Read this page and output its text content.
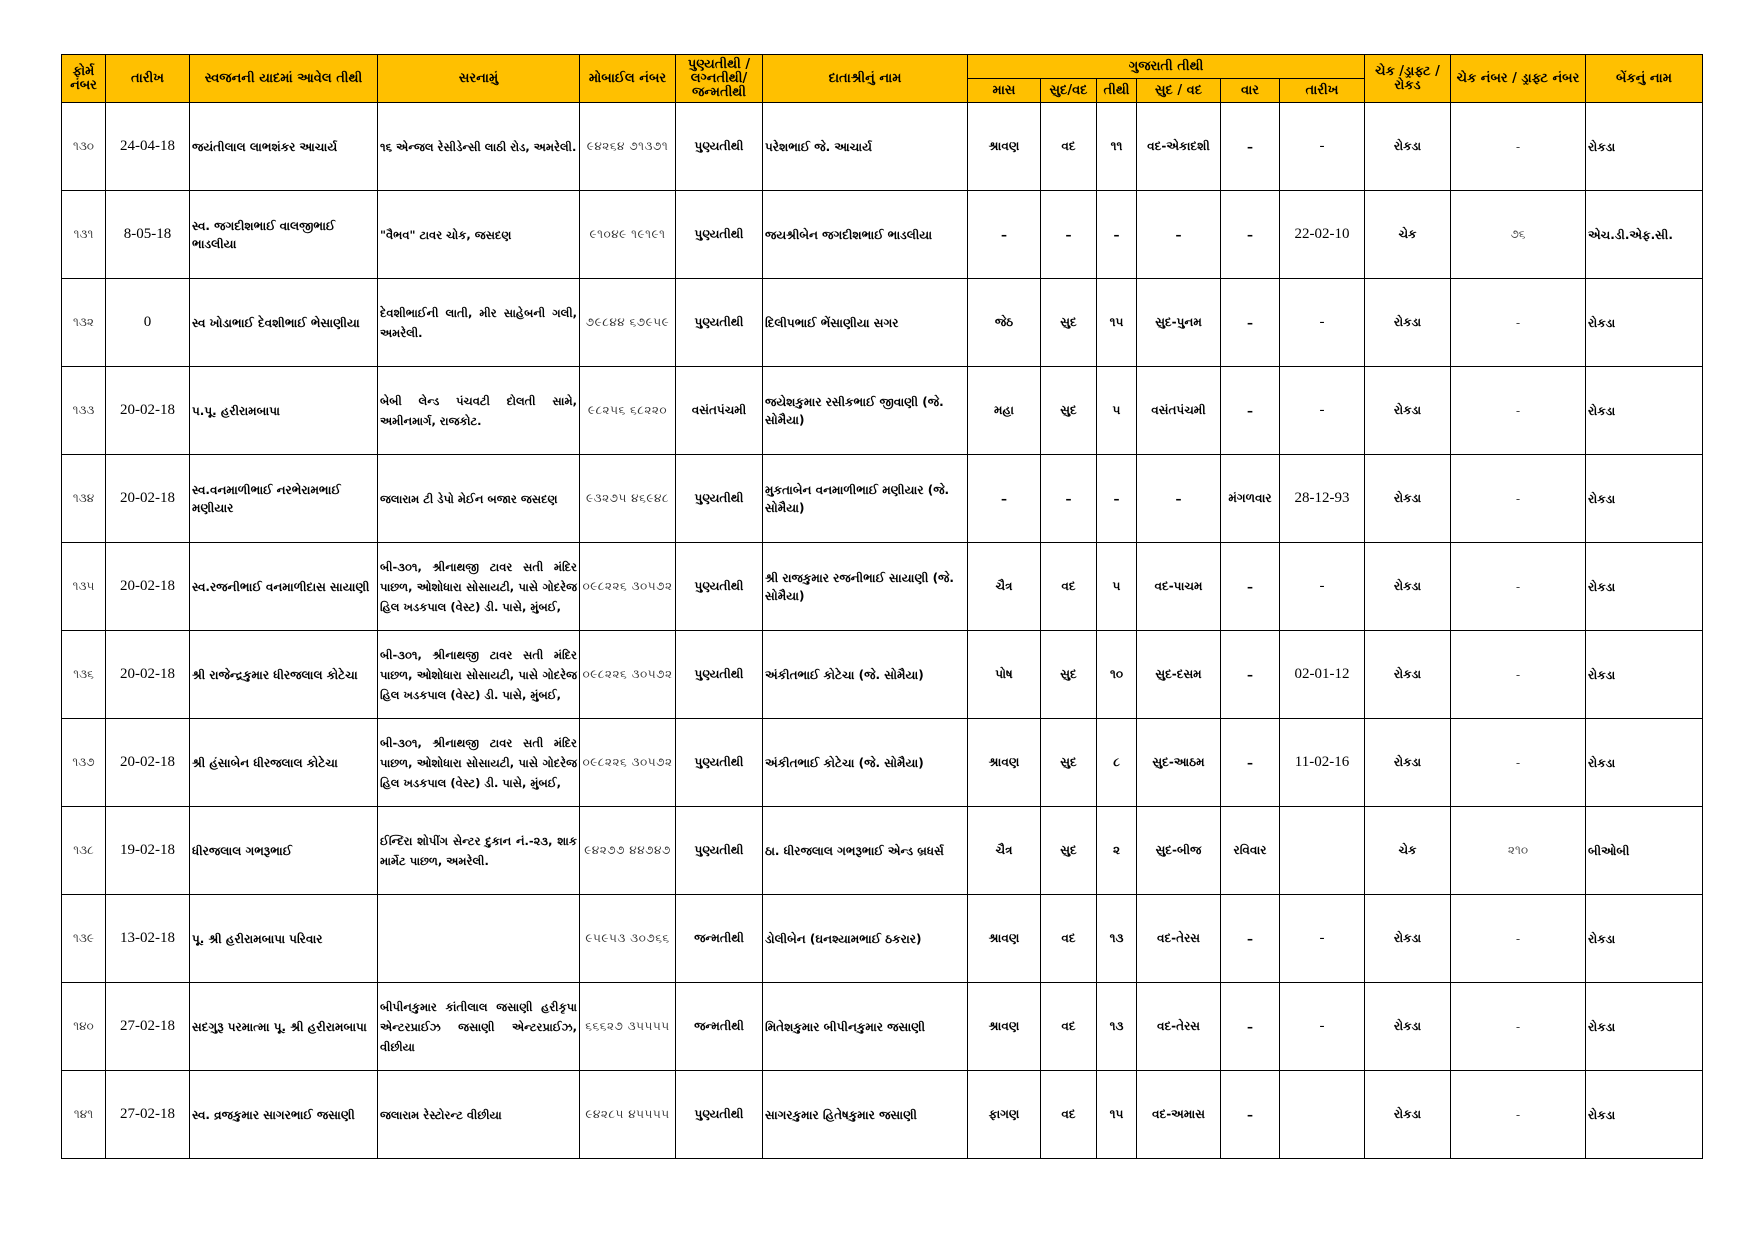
ફોર્મ નંબર	તારીખ	સ્વજનની યાદમાં આવેલ તીથી	સરનામું	મોબાઈલ નંબર	પુણ્યતીથી / લગ્નતીથી/ જન્મતીથી	દાતાશ્રીનું નામ	ગુજરાતી તીથી						ચેક /ડ્રાફ્ટ / રોકડ	ચેક નંબર / ડ્રાફ્ટ નંબર	બેંકનું નામ
							માસ	સુદ/વદ	તીથી	સુદ / વદ	વાર	તારીખ			
૧૩૦	24-04-18	જયંતીલાલ લાભશંકર આચાર્ય	૧૬ એન્જલ રેસીડેન્સી લાઠી રોડ, અમરેલી.	૯૪૨૬૪ ૭૧૩૭૧	પુણ્યતીથી	પરેશભાઈ જે. આચાર્ય	શ્રાવણ	વદ	૧૧	વદ-એકાદશી	–	-	રોકડા	-	રોકડા
૧૩૧	8-05-18	સ્વ. જગદીશભાઈ વાલજીભાઈ ભાડલીયા	"વૈભવ" ટાવર ચોક, જસદણ	૯૧૦૪૯ ૧૯૧૯૧	પુણ્યતીથી	જયશ્રીબેન જગદીશભાઈ ભાડલીયા	–	–	–	–	–	22-02-10	ચેક	૭૬	એચ.ડી.એફ.સી.
૧૩૨	0	સ્વ ખોડાભાઈ દેવશીભાઈ ભેસાણીયા	દેવશીભાઈની લાતી, મીર સાહેબની ગલી, અમરેલી.	૭૯૮૪૪ ૬૭૯૫૯	પુણ્યતીથી	દિલીપભાઈ ભેંસાણીયા સગર	જેઠ	સુદ	૧૫	સુદ-પુનમ	–	-	રોકડા	-	રોકડા
૧૩૩	20-02-18	પ.પૂ. હરીરામબાપા	બેબી લેન્ડ પંચવટી દોલતી સામે, અમીનમાર્ગ, રાજકોટ.	૯૮૨૫૬ ૬૮૨૨૦	વસંતપંચમી	જયેશકુમાર રસીકભાઈ જીવાણી (જે. સોમૈયા)	મહા	સુદ	૫	વસંતપંચમી	–	-	રોકડા	-	રોકડા
૧૩૪	20-02-18	સ્વ.વનમાળીભાઈ નરભેરામભાઈ મણીયાર	જલારામ ટી ડેપો મેઈન બજાર જસદણ	૯૩૨૭૫ ૪૬૯૪૮	પુણ્યતીથી	મુકતાબેન વનમાળીભાઈ મણીયાર (જે. સોમૈયા)	–	–	–	–	મંગળવાર	28-12-93	રોકડા	-	રોકડા
૧૩૫	20-02-18	સ્વ.રજનીભાઈ વનમાળીદાસ સાયાણી	બી-૩૦૧, શ્રીનાથજી ટાવર સતી મંદિર પાછળ, ઓશોધારા સોસાયટી, પાસે ગોદરેજ હિલ ખડકપાલ (વેસ્ટ) ડી. પાસે, મુંબઈ,	૦૯૮૨૨૬ ૩૦૫૭૨	પુણ્યતીથી	શ્રી રાજકુમાર રજનીભાઈ સાયાણી (જે. સોમૈયા)	ચૈત્ર	વદ	૫	વદ-પાચમ	–	-	રોકડા	-	રોકડા
૧૩૬	20-02-18	શ્રી રાજેન્દ્રકુમાર ધીરજલાલ કોટેચા	બી-૩૦૧, શ્રીનાથજી ટાવર સતી મંદિર પાછળ, ઓશોધારા સોસાયટી, પાસે ગોદરેજ હિલ ખડકપાલ (વેસ્ટ) ડી. પાસે, મુંબઈ,	૦૯૮૨૨૬ ૩૦૫૭૨	પુણ્યતીથી	અંકીતભાઈ કોટેચા (જે. સોમૈયા)	પોષ	સુદ	૧૦	સુદ-દસમ	–	02-01-12	રોકડા	-	રોકડા
૧૩૭	20-02-18	શ્રી હંસાબેન ધીરજલાલ કોટેચા	બી-૩૦૧, શ્રીનાથજી ટાવર સતી મંદિર પાછળ, ઓશોધારા સોસાયટી, પાસે ગોદરેજ હિલ ખડકપાલ (વેસ્ટ) ડી. પાસે, મુંબઈ,	૦૯૮૨૨૬ ૩૦૫૭૨	પુણ્યતીથી	અંકીતભાઈ કોટેચા (જે. સોમૈયા)	શ્રાવણ	સુદ	૮	સુદ-આઠમ	–	11-02-16	રોકડા	-	રોકડા
૧૩૮	19-02-18	ધીરજલાલ ગભરૂભાઈ	ઈન્દિરા શોપીંગ સેન્ટર દુકાન નં.-૨૩, શાક માર્મેટ પાછળ, અમરેલી.	૯૪૨૭૭ ૪૪૭૪૭	પુણ્યતીથી	ઠા. ધીરજલાલ ગભરૂભાઈ એન્ડ બ્રધર્સ	ચૈત્ર	સુદ	૨	સુદ-બીજ	રવિવાર		ચેક	૨૧૦	બીઓબી
૧૩૯	13-02-18	પૂ. શ્રી હરીરામબાપા પરિવાર		૯૫૯૫૩ ૩૦૭૬૬	જન્મતીથી	ડોલીબેન (ઘનશ્યામભાઈ ઠકરાર)	શ્રાવણ	વદ	૧૩	વદ-તેરસ	–	-	રોકડા	-	રોકડા
૧૪૦	27-02-18	સદગુરૂ પરમાત્મા પૂ. શ્રી હરીરામબાપા	બીપીનકુમાર કાંતીલાલ જસાણી હરીકૃપા એન્ટરપ્રાઈઝ જસાણી એન્ટરપ્રાઈઝ, વીછીયા	૬૬૬૨૭ ૩૫૫૫૫	જન્મતીથી	મિતેશકુમાર બીપીનકુમાર જસાણી	શ્રાવણ	વદ	૧૩	વદ-તેરસ	–	-	રોકડા	-	રોકડા
૧૪૧	27-02-18	સ્વ. વ્રજકુમાર સાગરભાઈ જસાણી	જલારામ રેસ્ટોરન્ટ વીછીયા	૯૪૨૮૫ ૪૫૫૫૫	પુણ્યતીથી	સાગરકુમાર હિતેષકુમાર જસાણી	ફાગણ	વદ	૧૫	વદ-અમાસ	–		રોકડા	-	રોકડા
